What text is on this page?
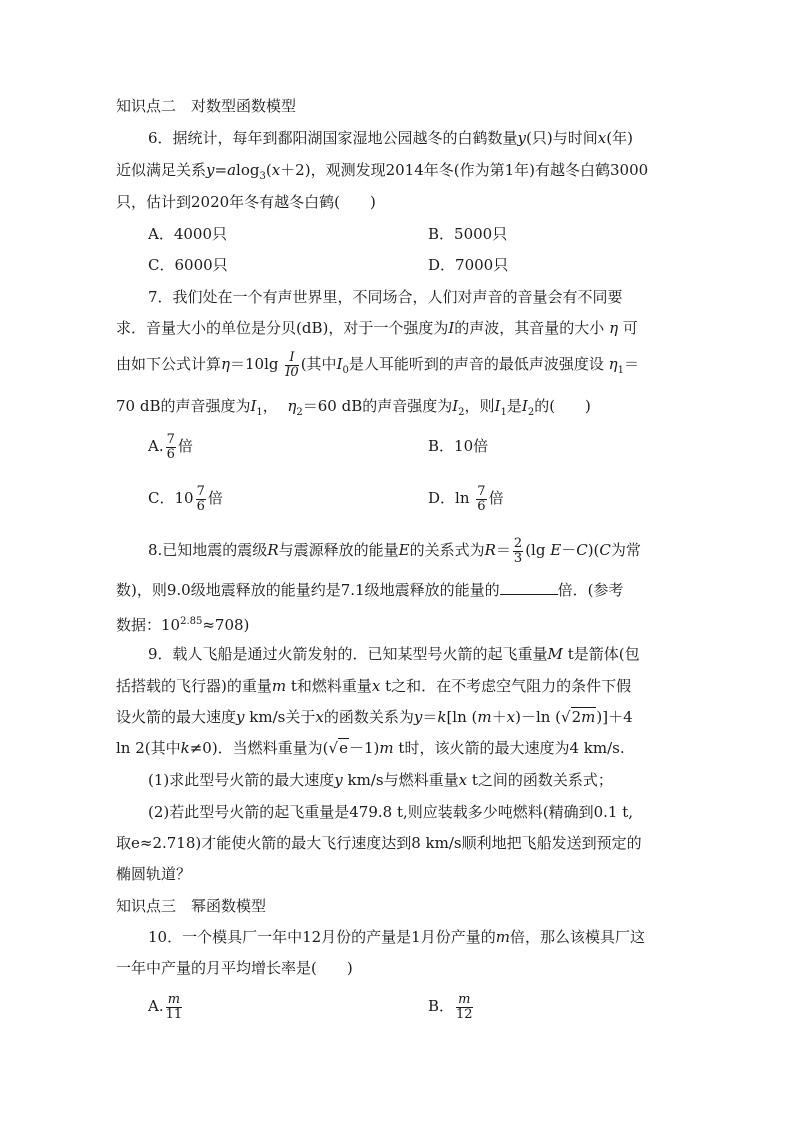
知识点二　对数型函数模型
6．据统计，每年到鄱阳湖国家湿地公园越冬的白鹤数量y(只)与时间x(年)
近似满足关系y=alog$_3$(x＋2)，观测发现2014年冬(作为第1年)有越冬白鹤3000
只，估计到2020年冬有越冬白鹤(　　)
A．4000只	B．5000只
C．6000只	D．7000只
7．我们处在一个有声世界里，不同场合，人们对声音的音量会有不同要
求．音量大小的单位是分贝(dB)，对于一个强度为I的声波，其音量的大小 η 可
由如下公式计算$\eta=10\lg \frac{I}{I0}$ (其中$I_0$是人耳能听到的声音的最低声波强度设 $\eta_1=$
70 dB的声音强度为$I_1$， $\eta_2=60$ dB的声音强度为$I_2$，则$I_1$是$I_2$的(　　)
A. $\frac{7}{6}$ 倍	B．10倍
C．$10 \frac{7}{6}$ 倍	D．$\ln \frac{7}{6}$ 倍
8.已知地震的震级R与震源释放的能量E的关系式为$R= \frac{2}{3} (\lg$ E－C)(C为常
数)，则9.0级地震释放的能量约是7.1级地震释放的能量的	倍．(参考
数据：$10^{2.85}\approx 708$)
9．载人飞船是通过火箭发射的．已知某型号火箭的起飞重量M t是箭体(包
括搭载的飞行器)的重量m t和燃料重量x t之和．在不考虑空气阻力的条件下假
设火箭的最大速度y km/s关于x的函数关系为y＝k[ln (m＋x)－ln (√2m)]＋4
ln 2(其中k≠0)．当燃料重量为(√e－1)m t时，该火箭的最大速度为4 km/s.
(1)求此型号火箭的最大速度y km/s与燃料重量x t之间的函数关系式；
(2)若此型号火箭的起飞重量是479.8 t,则应装载多少吨燃料(精确到0.1 t,
取e≈2.718)才能使火箭的最大飞行速度达到8 km/s顺利地把飞船发送到预定的
椭圆轨道？
知识点三　幂函数模型
10．一个模具厂一年中12月份的产量是1月份产量的m倍，那么该模具厂这
一年中产量的月平均增长率是(　　)
A. $\frac{m}{11}$	B． $\frac{m}{12}$
